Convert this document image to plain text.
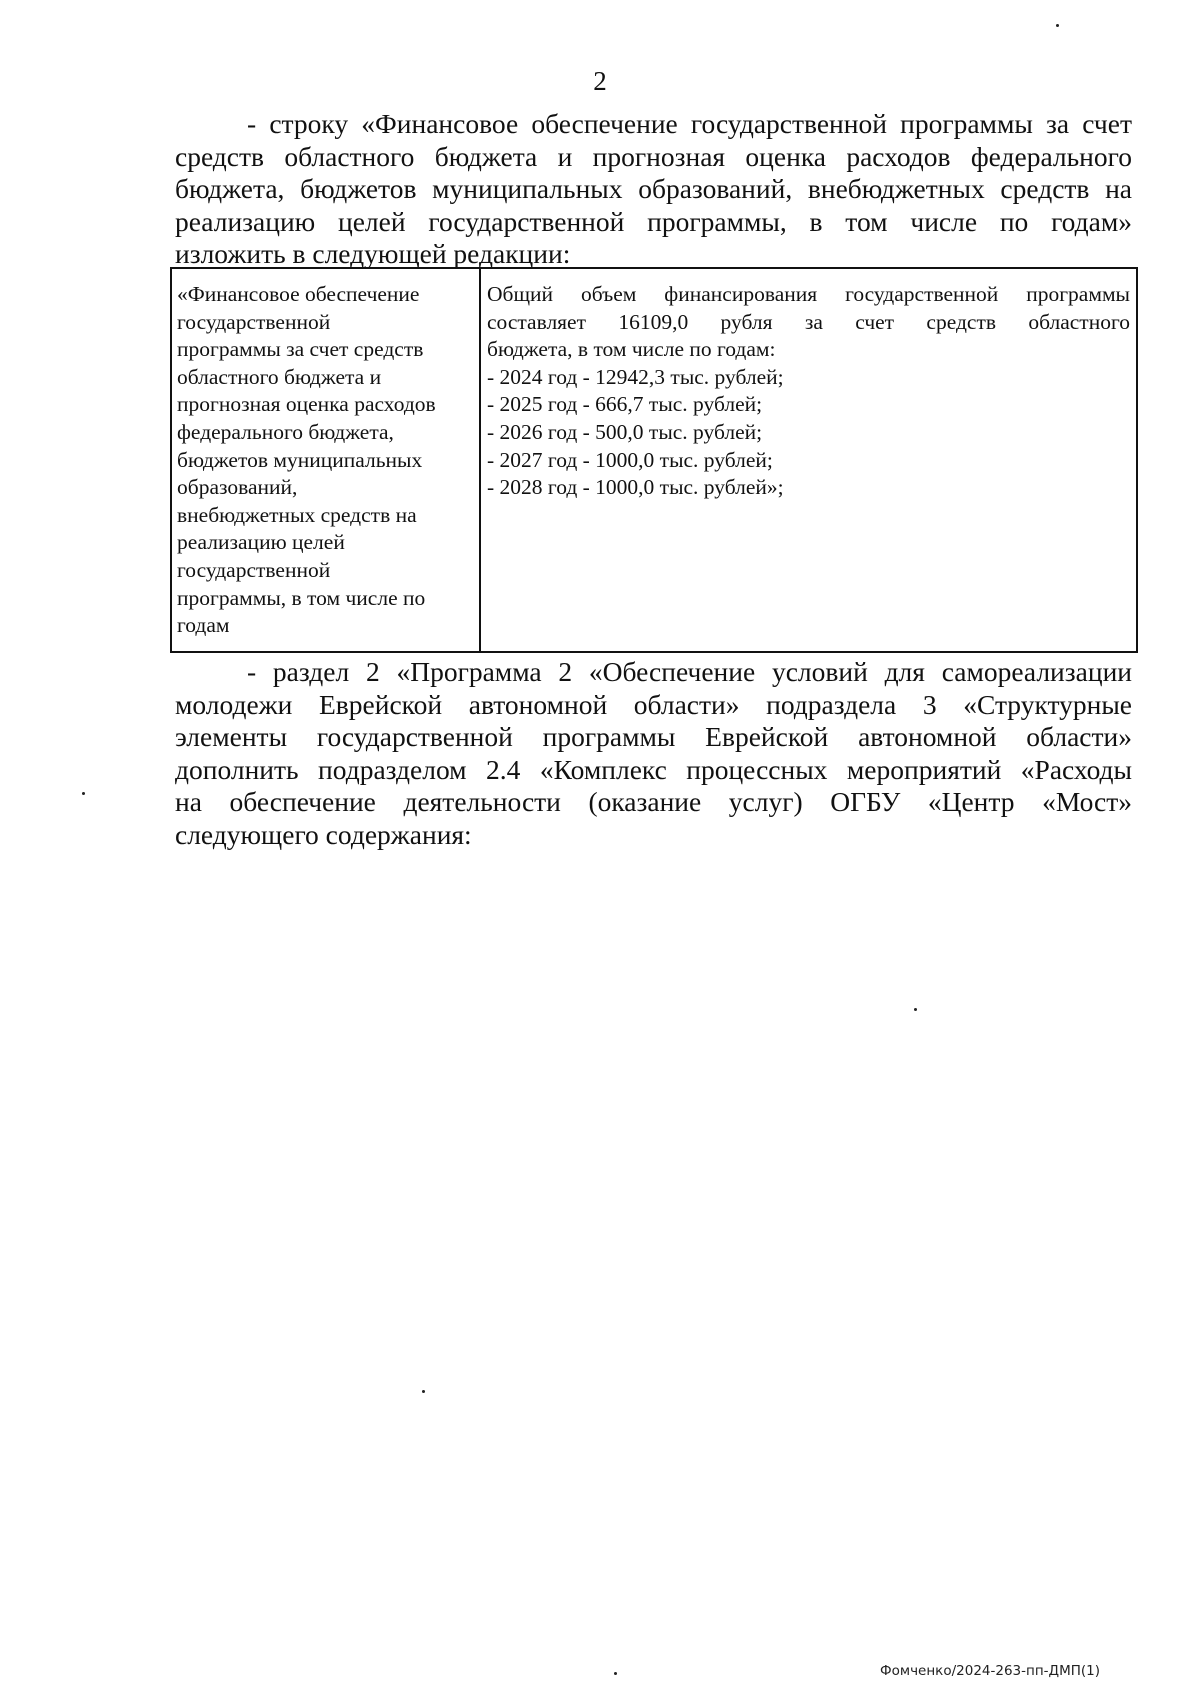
2
- строку «Финансовое обеспечение государственной программы за счет
средств областного бюджета и прогнозная оценка расходов федерального
бюджета, бюджетов муниципальных образований, внебюджетных средств на
реализацию целей государственной программы, в том числе по годам»
изложить в следующей редакции:
«Финансовое обеспечение
государственной
программы за счет средств
областного бюджета и
прогнозная оценка расходов
федерального бюджета,
бюджетов муниципальных
образований,
внебюджетных средств на
реализацию целей
государственной
программы, в том числе по
годам
Общий объем финансирования государственной программы
составляет 16109,0 рубля за счет средств областного
бюджета, в том числе по годам:
- 2024 год - 12942,3 тыс. рублей;
- 2025 год - 666,7 тыс. рублей;
- 2026 год - 500,0 тыс. рублей;
- 2027 год - 1000,0 тыс. рублей;
- 2028 год - 1000,0 тыс. рублей»;
- раздел 2 «Программа 2 «Обеспечение условий для самореализации
молодежи Еврейской автономной области» подраздела 3 «Структурные
элементы государственной программы Еврейской автономной области»
дополнить подразделом 2.4 «Комплекс процессных мероприятий «Расходы
на обеспечение деятельности (оказание услуг) ОГБУ «Центр «Мост»
следующего содержания:
Фомченко/2024-263-пп-ДМП(1)
